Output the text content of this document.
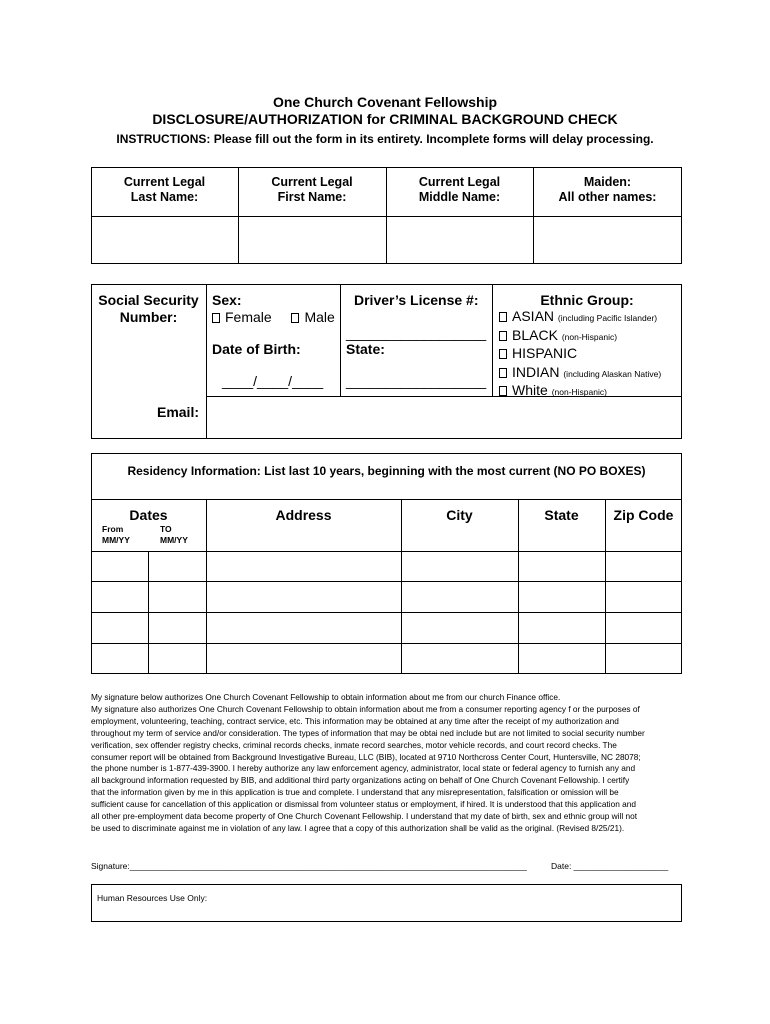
One Church Covenant Fellowship
DISCLOSURE/AUTHORIZATION for CRIMINAL BACKGROUND CHECK
INSTRUCTIONS: Please fill out the form in its entirety. Incomplete forms will delay processing.
Current Legal
Last Name:
Current Legal
First Name:
Current Legal
Middle Name:
Maiden:
All other names:
Social Security
Number:
Sex:
Female Male
Date of Birth:
____/____/____
Driver’s License #:
__________________
State:
__________________
Ethnic Group:
ASIAN (including Pacific Islander)
BLACK (non-Hispanic)
HISPANIC
INDIAN (including Alaskan Native)
White (non-Hispanic)
Email:
Residency Information: List last 10 years, beginning with the most current (NO PO BOXES)
Dates
From
MM/YY
TO
MM/YY
Address	City	State	Zip Code
My signature below authorizes One Church Covenant Fellowship to obtain information about me from our church Finance office.
My signature also authorizes One Church Covenant Fellowship to obtain information about me from a consumer reporting agency f or the purposes of
employment, volunteering, teaching, contract service, etc. This information may be obtained at any time after the receipt of my authorization and
throughout my term of service and/or consideration. The types of information that may be obtai ned include but are not limited to social security number
verification, sex offender registry checks, criminal records checks, inmate record searches, motor vehicle records, and court record checks. The
consumer report will be obtained from Background Investigative Bureau, LLC (BIB), located at 9710 Northcross Center Court, Huntersville, NC 28078;
the phone number is 1-877-439-3900. I hereby authorize any law enforcement agency, administrator, local state or federal agency to furnish any and
all background information requested by BIB, and additional third party organizations acting on behalf of One Church Covenant Fellowship. I certify
that the information given by me in this application is true and complete. I understand that any misrepresentation, falsification or omission will be
sufficient cause for cancellation of this application or dismissal from volunteer status or employment, if hired. It is understood that this application and
all other pre-employment data become property of One Church Covenant Fellowship. I understand that my date of birth, sex and ethnic group will not
be used to discriminate against me in violation of any law. I agree that a copy of this authorization shall be valid as the original. (Revised 8/25/21).
Signature:____________________________________________________________________________________	Date: ____________________
Human Resources Use Only:
